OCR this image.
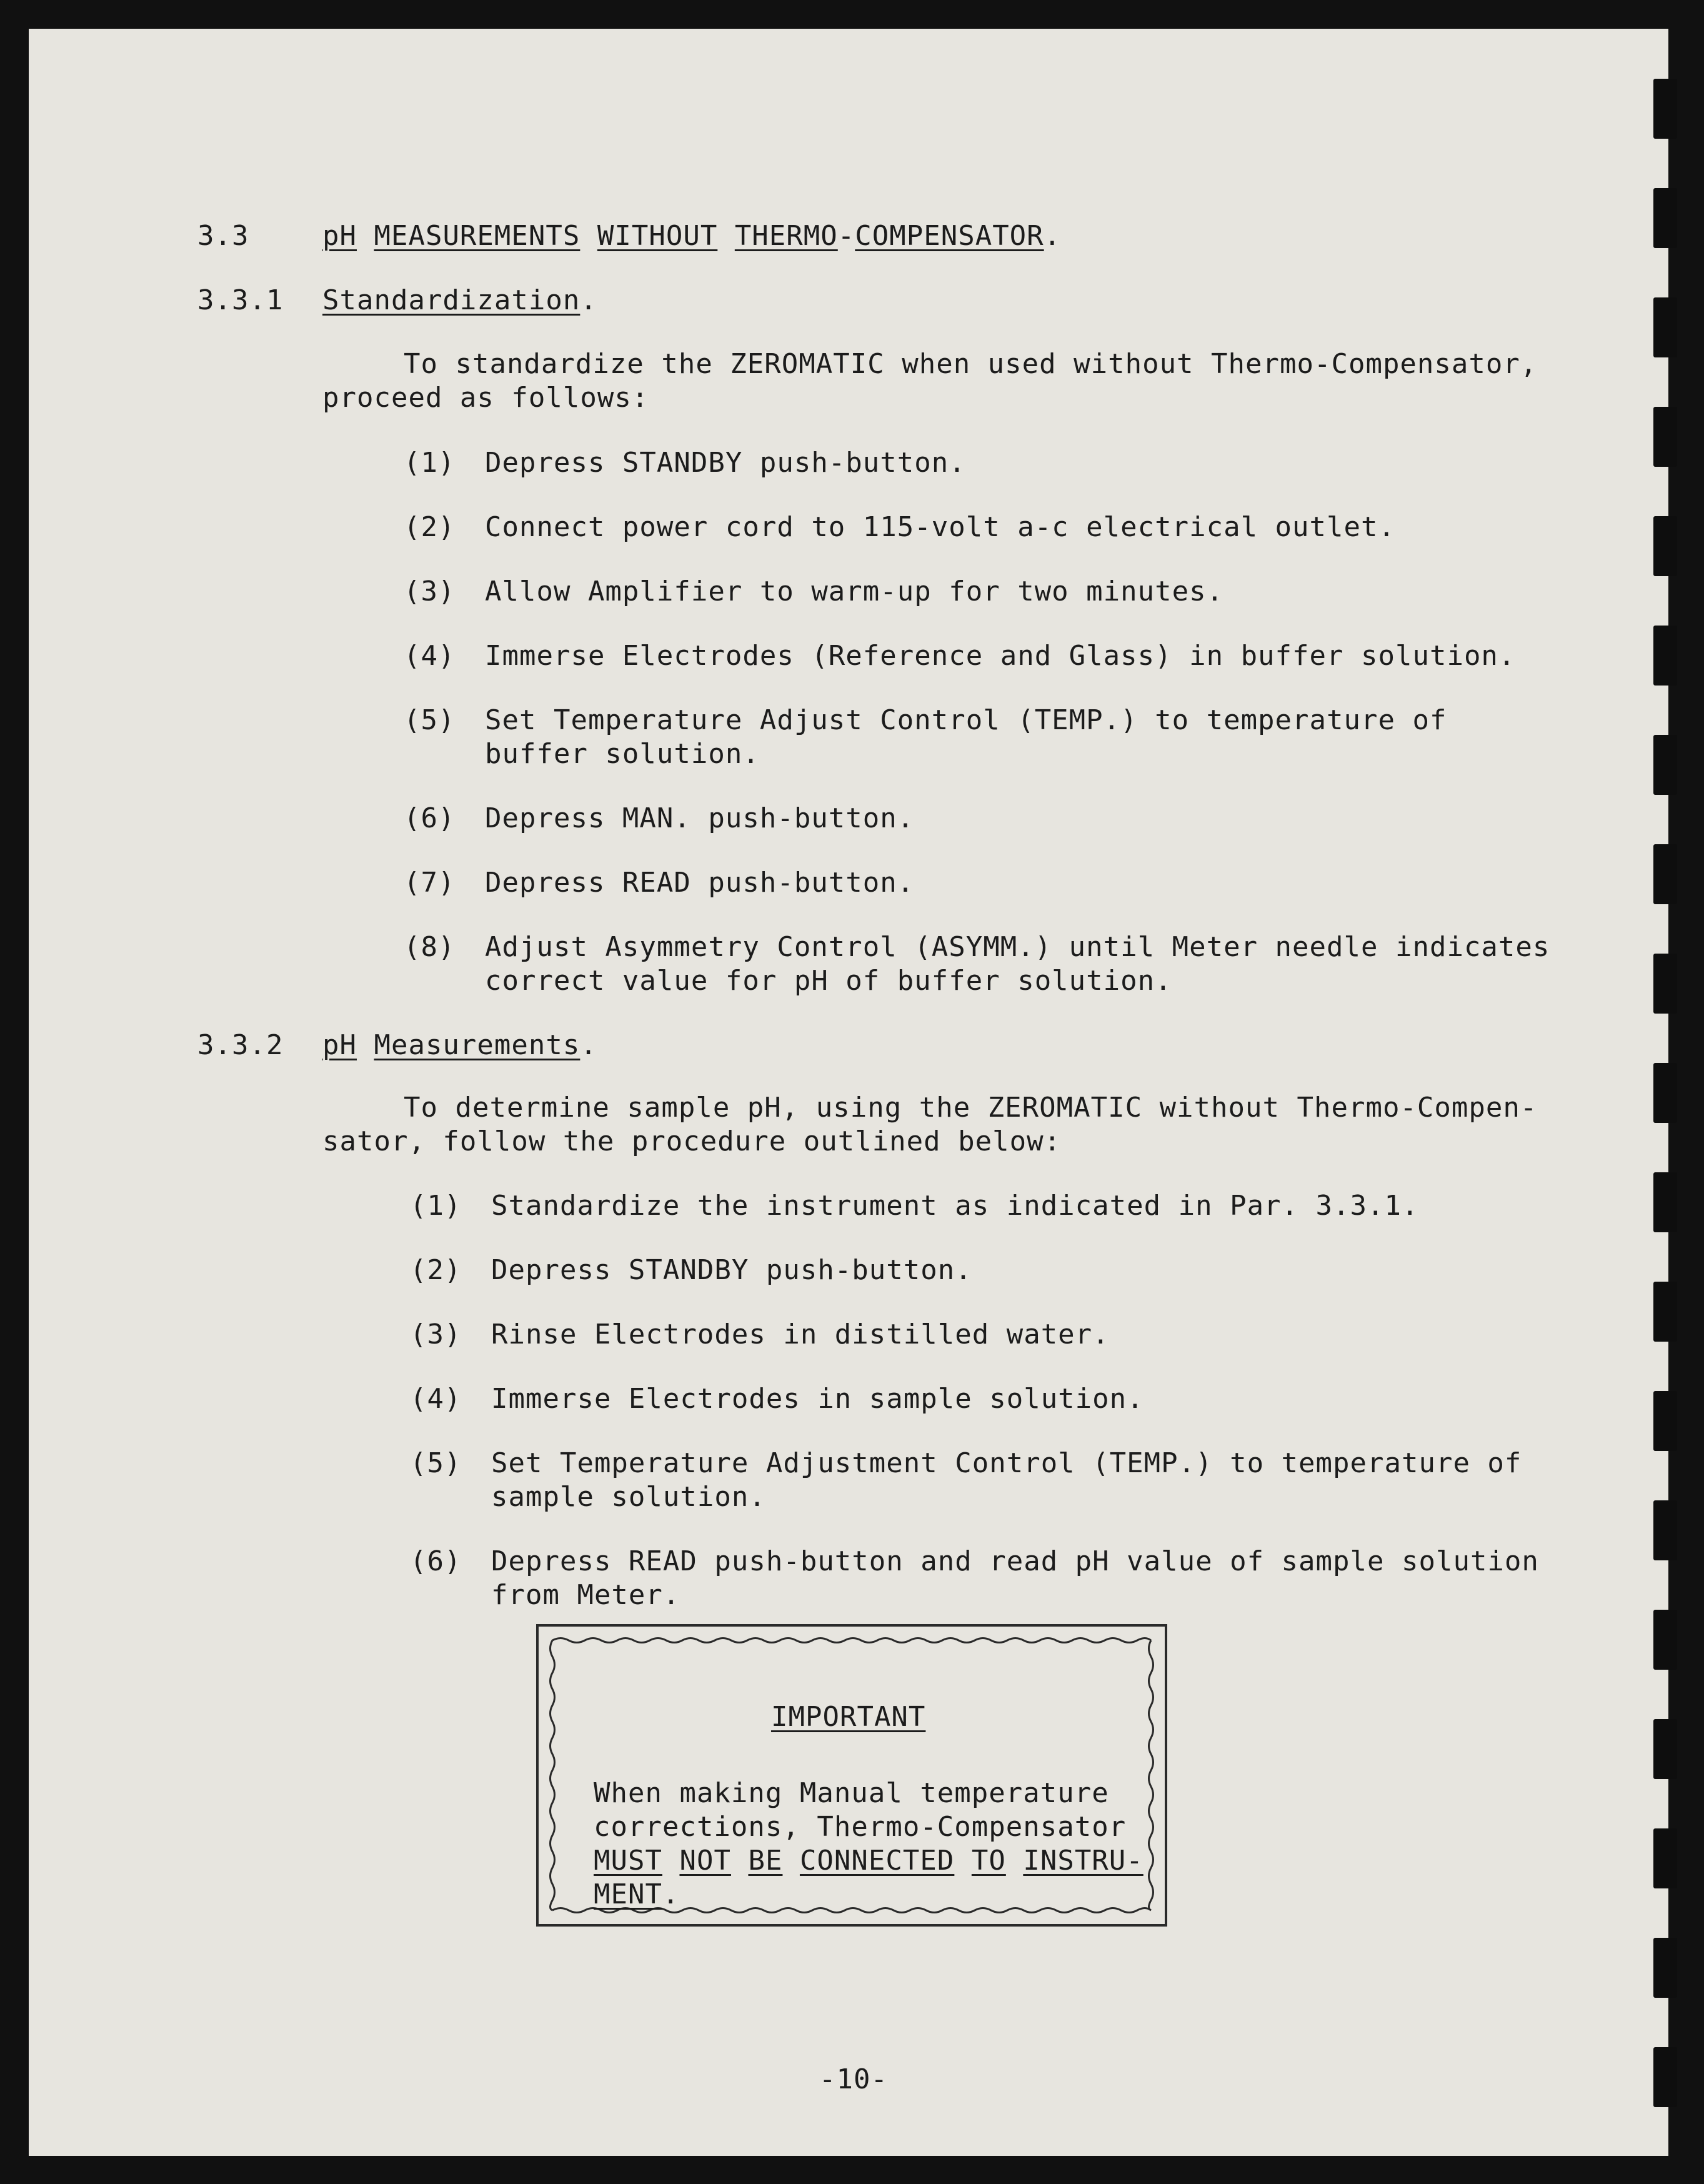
3.3	pH MEASUREMENTS WITHOUT THERMO-COMPENSATOR.
3.3.1 Standardization.
To standardize the ZEROMATIC when used without Thermo-Compensator,
proceed as follows:
(1) Depress STANDBY push-button.
(2) Connect power cord to 115-volt a-c electrical outlet.
(3) Allow Amplifier to warm-up for two minutes.
(4) Immerse Electrodes (Reference and Glass) in buffer solution.
(5) Set Temperature Adjust Control (TEMP.) to temperature of
buffer solution.
(6) Depress MAN. push-button.
(7) Depress READ push-button.
(8) Adjust Asymmetry Control (ASYMM.) until Meter needle indicates
correct value for pH of buffer solution.
3.3.2 pH Measurements.
To determine sample pH, using the ZEROMATIC without Thermo-Compen-
sator, follow the procedure outlined below:
(1) Standardize the instrument as indicated in Par. 3.3.1.
(2) Depress STANDBY push-button.
(3) Rinse Electrodes in distilled water.
(4) Immerse Electrodes in sample solution.
(5) Set Temperature Adjustment Control (TEMP.) to temperature of
sample solution.
(6) Depress READ push-button and read pH value of sample solution
from Meter.
IMPORTANT
When making Manual temperature
corrections, Thermo-Compensator
MUST NOT BE CONNECTED TO INSTRU-
MENT.
-10-
